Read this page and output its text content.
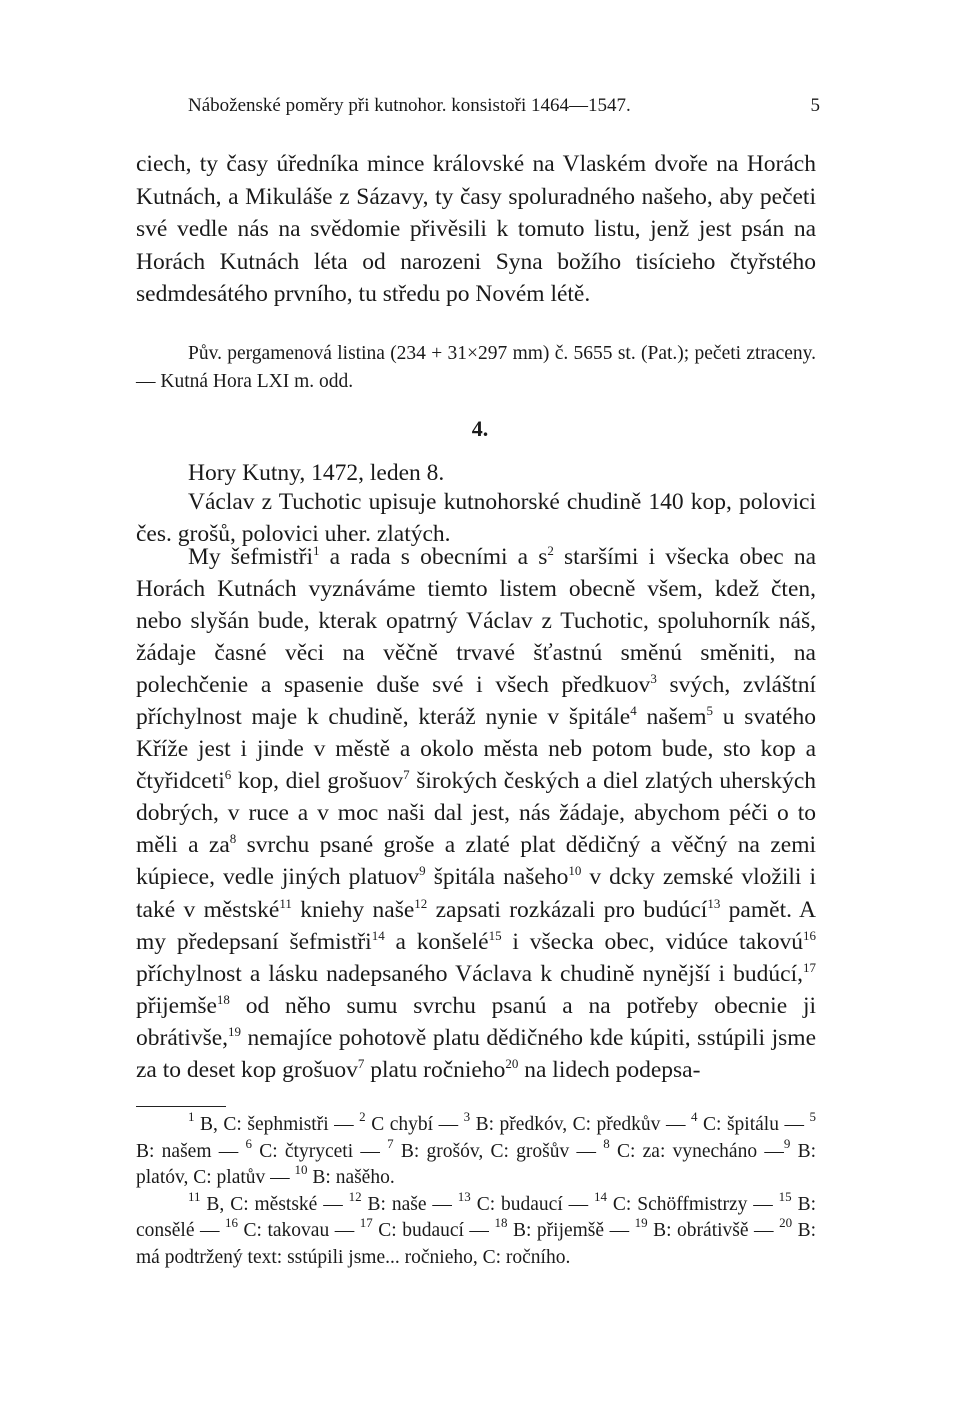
Náboženské poměry při kutnohor. konsistoři 1464—1547.	5

ciech, ty časy úředníka mince královské na Vlaském dvoře na Horách Kutnách, a Mikuláše z Sázavy, ty časy spoluradného našeho, aby pečeti své vedle nás na svědomie přivěsili k tomuto listu, jenž jest psán na Horách Kutnách léta od narozeni Syna božího tisícieho čtyřstého sedmdesátého prvního, tu středu po Novém létě.

Pův. pergamenová listina (234 + 31×297 mm) č. 5655 st. (Pat.); pečeti ztraceny. — Kutná Hora LXI m. odd.

4.
Hory Kutny, 1472, leden 8.

Václav z Tuchotic upisuje kutnohorské chudině 140 kop, polovici čes. grošů, polovici uher. zlatých.

My šefmistři$^1$ a rada s obecními a $s^2$ staršími i všecka obec na Horách Kutnách vyznáváme tiemto listem obecně všem, kdež čten, nebo slyšán bude, kterak opatrný Václav z Tuchotic, spoluhorník náš, žádaje časné věci na věčně trvavé šťastnú směnú směniti, na polechčenie a spasenie duše své i všech předkuov$^3$ svých, zvláštní příchylnost maje k chudině, kteráž nynie v špitále$^4$ našem$^5$ u svatého Kříže jest i jinde v městě a okolo města neb potom bude, sto kop a čtyřidceti$^6$ kop, diel grošuov$^7$ širokých českých a diel zlatých uherských dobrých, v ruce a v moc naši dal jest, nás žádaje, abychom péči o to měli a $za^8$ svrchu psané groše a zlaté plat dědičný a věčný na zemi kúpiece, vedle jiných platuov$^9$ špitála našeho$^{10}$ v dcky zemské vložili i také v městské$^{11}$ kniehy naše$^{12}$ zapsati rozkázali pro budúcí$^{13}$ pamět. A my předepsaní šefmistři$^{14}$ a konšelé$^{15}$ i všecka obec, vidúce takovú$^{16}$ příchylnost a lásku nadepsaného Václava k chudině nynější i budúcí,$^{17}$ přijemše$^{18}$ od něho sumu svrchu psanú a na potřeby obecnie ji obrátivše,$^{19}$ nemajíce pohotově platu dědičného kde kúpiti, sstúpili jsme za to deset kop grošuov$^7$ platu ročnieho$^{20}$ na lidech podepsa-

$^1$ B, C: šephmistři — $^2$ C chybí — $^3$ B: předkóv, C: předkův — $^4$ C: špitálu — $^5$ B: našem — $^6$ C: čtyryceti — $^7$ B: grošóv, C: grošův — $^8$ C: za: vynecháno —$^9$ B: platóv, C: platův — $^{10}$ B: našěho.

$^{11}$ B, C: městské — $^{12}$ B: naše — $^{13}$ C: budaucí — $^{14}$ C: Schöffmistrzy — $^{15}$ B: consělé — $^{16}$ C: takovau — $^{17}$ C: budaucí — $^{18}$ B: přijemšě — $^{19}$ B: obrátivšě — $^{20}$ B: má podtržený text: sstúpili jsme... ročnieho, C: ročního.
